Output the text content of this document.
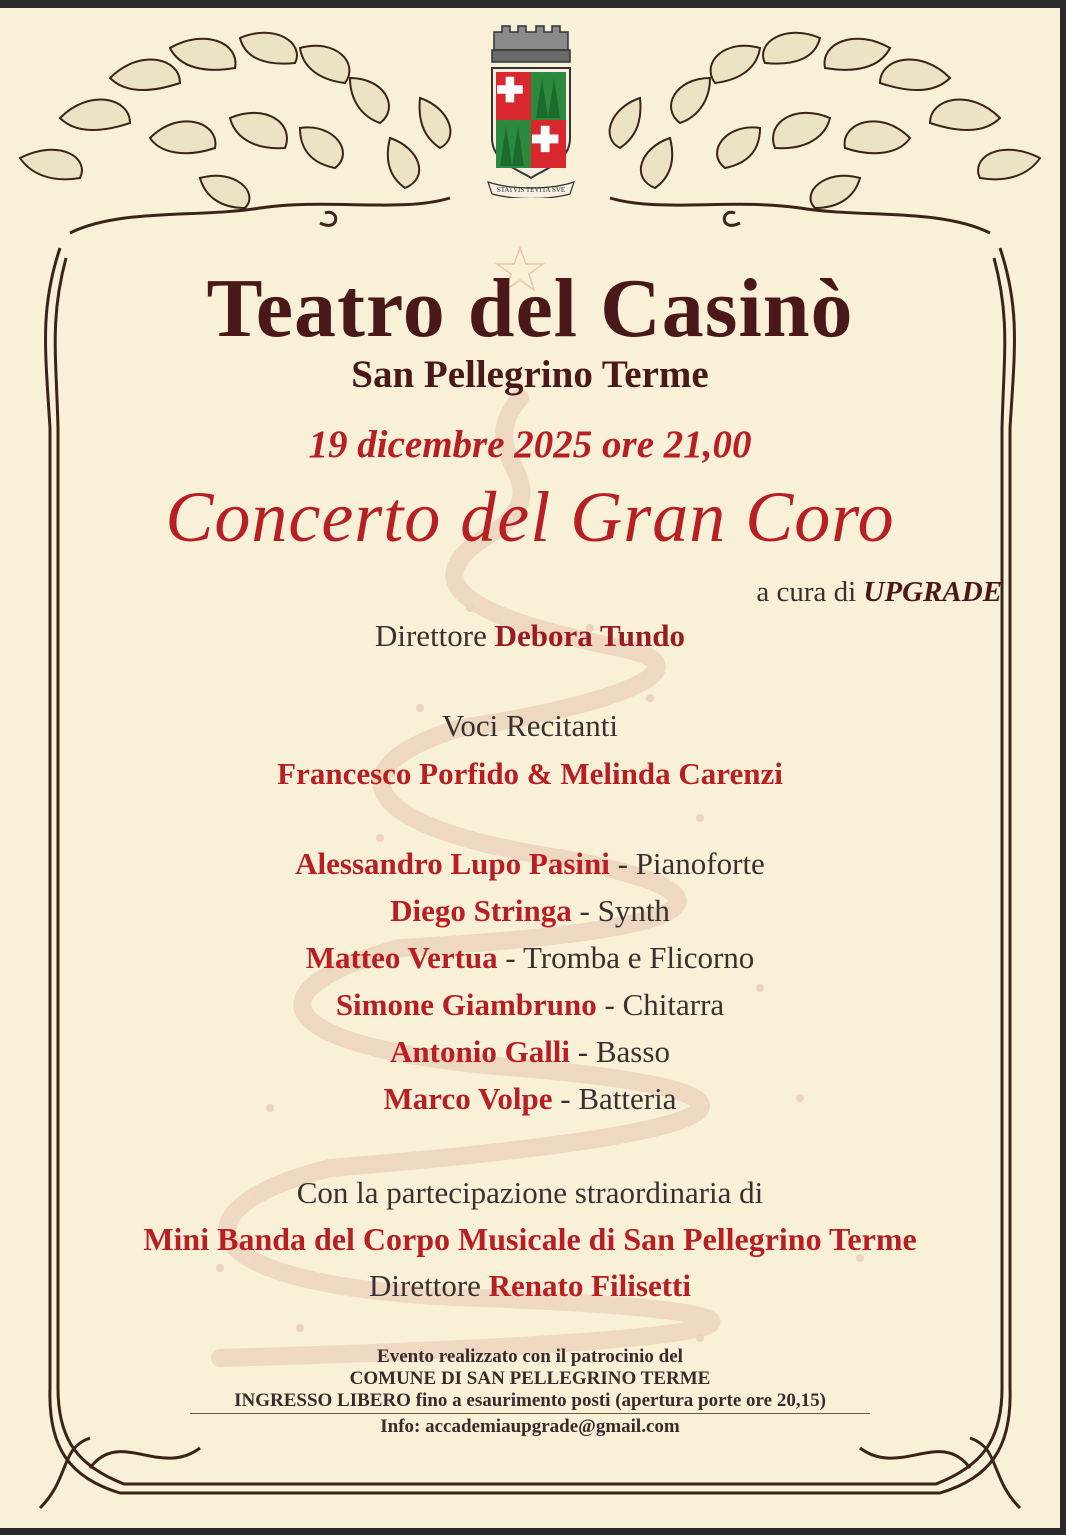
STATVIS TEVITA SVE

Teatro del Casinò

San Pellegrino Terme

19 dicembre 2025 ore 21,00

Concerto del Gran Coro

a cura di UPGRADE

Direttore Debora Tundo

Voci Recitanti

Francesco Porfido & Melinda Carenzi

Alessandro Lupo Pasini - Pianoforte

Diego Stringa - Synth

Matteo Vertua - Tromba e Flicorno

Simone Giambruno - Chitarra

Antonio Galli - Basso

Marco Volpe - Batteria

Con la partecipazione straordinaria di

Mini Banda del Corpo Musicale di San Pellegrino Terme

Direttore Renato Filisetti

Evento realizzato con il patrocinio del

COMUNE DI SAN PELLEGRINO TERME

INGRESSO LIBERO fino a esaurimento posti (apertura porte ore 20,15)

Info: accademiaupgrade@gmail.com
